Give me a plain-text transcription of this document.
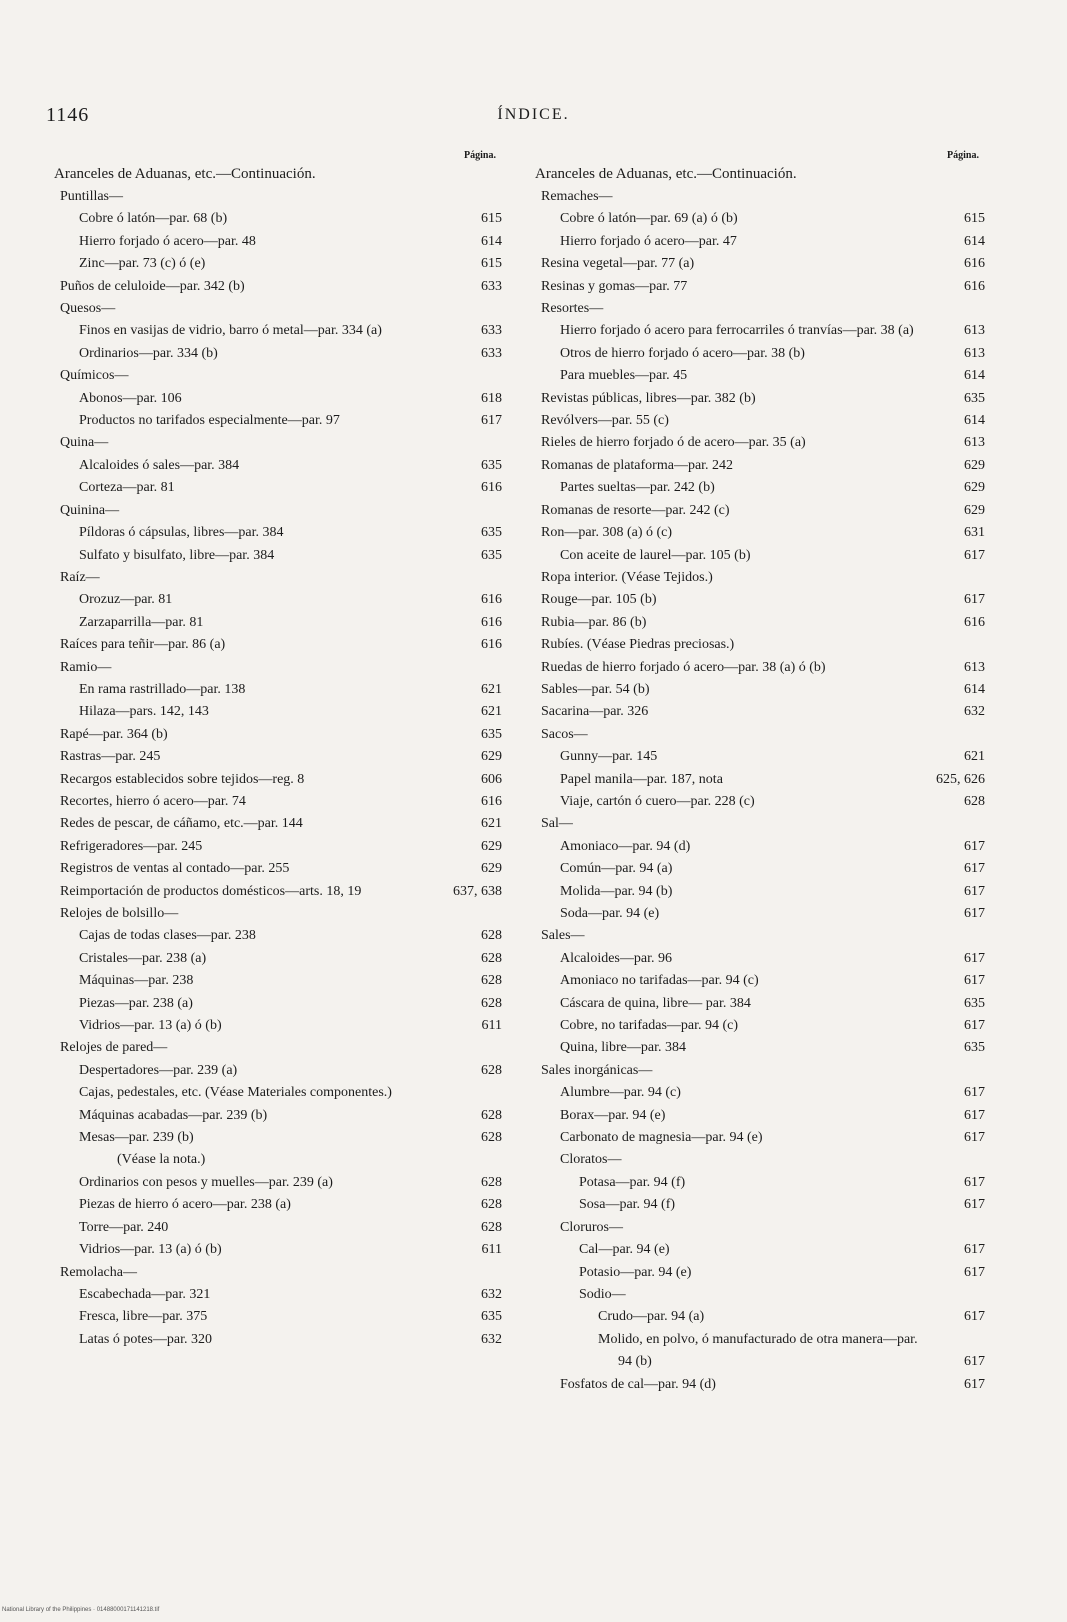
1146	ÍNDICE.
Página.
Aranceles de Aduanas, etc.—Continuación.
Puntillas—
Cobre ó latón—par. 68 (b)	615
Hierro forjado ó acero—par. 48	614
Zinc—par. 73 (c) ó (e)	615
Puños de celuloide—par. 342 (b)	633
Quesos—
Finos en vasijas de vidrio, barro ó metal—par. 334 (a)	633
Ordinarios—par. 334 (b)	633
Químicos—
Abonos—par. 106	618
Productos no tarifados especialmente—par. 97	617
Quina—
Alcaloides ó sales—par. 384	635
Corteza—par. 81	616
Quinina—
Píldoras ó cápsulas, libres—par. 384	635
Sulfato y bisulfato, libre—par. 384	635
Raíz—
Orozuz—par. 81	616
Zarzaparrilla—par. 81	616
Raíces para teñir—par. 86 (a)	616
Ramio—
En rama rastrillado—par. 138	621
Hilaza—pars. 142, 143	621
Rapé—par. 364 (b)	635
Rastras—par. 245	629
Recargos establecidos sobre tejidos—reg. 8	606
Recortes, hierro ó acero—par. 74	616
Redes de pescar, de cáñamo, etc.—par. 144	621
Refrigeradores—par. 245	629
Registros de ventas al contado—par. 255	629
Reimportación de productos domésticos—arts. 18, 19	637, 638
Relojes de bolsillo—
Cajas de todas clases—par. 238	628
Cristales—par. 238 (a)	628
Máquinas—par. 238	628
Piezas—par. 238 (a)	628
Vidrios—par. 13 (a) ó (b)	611
Relojes de pared—
Despertadores—par. 239 (a)	628
Cajas, pedestales, etc. (Véase Materiales componentes.)
Máquinas acabadas—par. 239 (b)	628
Mesas—par. 239 (b)	628
(Véase la nota.)
Ordinarios con pesos y muelles—par. 239 (a)	628
Piezas de hierro ó acero—par. 238 (a)	628
Torre—par. 240	628
Vidrios—par. 13 (a) ó (b)	611
Remolacha—
Escabechada—par. 321	632
Fresca, libre—par. 375	635
Latas ó potes—par. 320	632
Página.
Aranceles de Aduanas, etc.—Continuación.
Remaches—
Cobre ó latón—par. 69 (a) ó (b)	615
Hierro forjado ó acero—par. 47	614
Resina vegetal—par. 77 (a)	616
Resinas y gomas—par. 77	616
Resortes—
Hierro forjado ó acero para ferrocarriles ó tranvías—par. 38 (a)	613
Otros de hierro forjado ó acero—par. 38 (b)	613
Para muebles—par. 45	614
Revistas públicas, libres—par. 382 (b)	635
Revólvers—par. 55 (c)	614
Rieles de hierro forjado ó de acero—par. 35 (a)	613
Romanas de plataforma—par. 242	629
Partes sueltas—par. 242 (b)	629
Romanas de resorte—par. 242 (c)	629
Ron—par. 308 (a) ó (c)	631
Con aceite de laurel—par. 105 (b)	617
Ropa interior. (Véase Tejidos.)
Rouge—par. 105 (b)	617
Rubia—par. 86 (b)	616
Rubíes. (Véase Piedras preciosas.)
Ruedas de hierro forjado ó acero—par. 38 (a) ó (b)	613
Sables—par. 54 (b)	614
Sacarina—par. 326	632
Sacos—
Gunny—par. 145	621
Papel manila—par. 187, nota	625, 626
Viaje, cartón ó cuero—par. 228 (c)	628
Sal—
Amoniaco—par. 94 (d)	617
Común—par. 94 (a)	617
Molida—par. 94 (b)	617
Soda—par. 94 (e)	617
Sales—
Alcaloides—par. 96	617
Amoniaco no tarifadas—par. 94 (c)	617
Cáscara de quina, libre— par. 384	635
Cobre, no tarifadas—par. 94 (c)	617
Quina, libre—par. 384	635
Sales inorgánicas—
Alumbre—par. 94 (c)	617
Borax—par. 94 (e)	617
Carbonato de magnesia—par. 94 (e)	617
Cloratos—
Potasa—par. 94 (f)	617
Sosa—par. 94 (f)	617
Cloruros—
Cal—par. 94 (e)	617
Potasio—par. 94 (e)	617
Sodio—
Crudo—par. 94 (a)	617
Molido, en polvo, ó manufacturado de otra manera—par. 94 (b)	617
Fosfatos de cal—par. 94 (d)	617
National Library of the Philippines · 01488000171141218.tif
